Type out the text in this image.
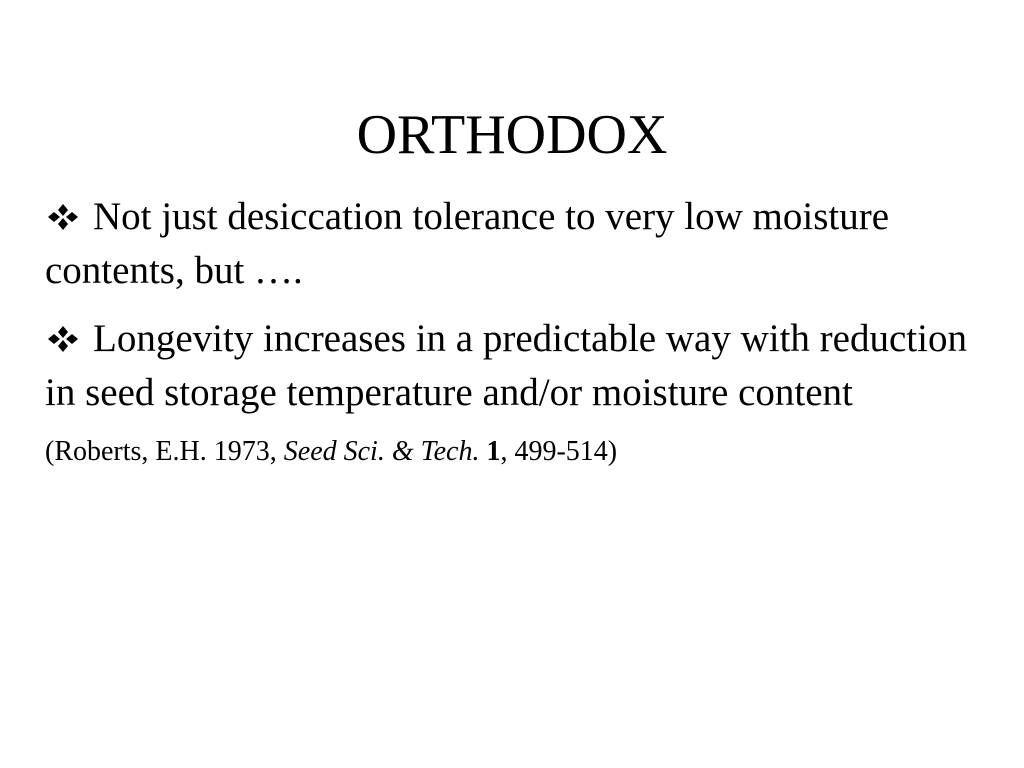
ORTHODOX

Not just desiccation tolerance to very low moisture contents, but ….

Longevity increases in a predictable way with reduction in seed storage temperature and/or moisture content

(Roberts, E.H. 1973, Seed Sci. & Tech. 1, 499-514)
